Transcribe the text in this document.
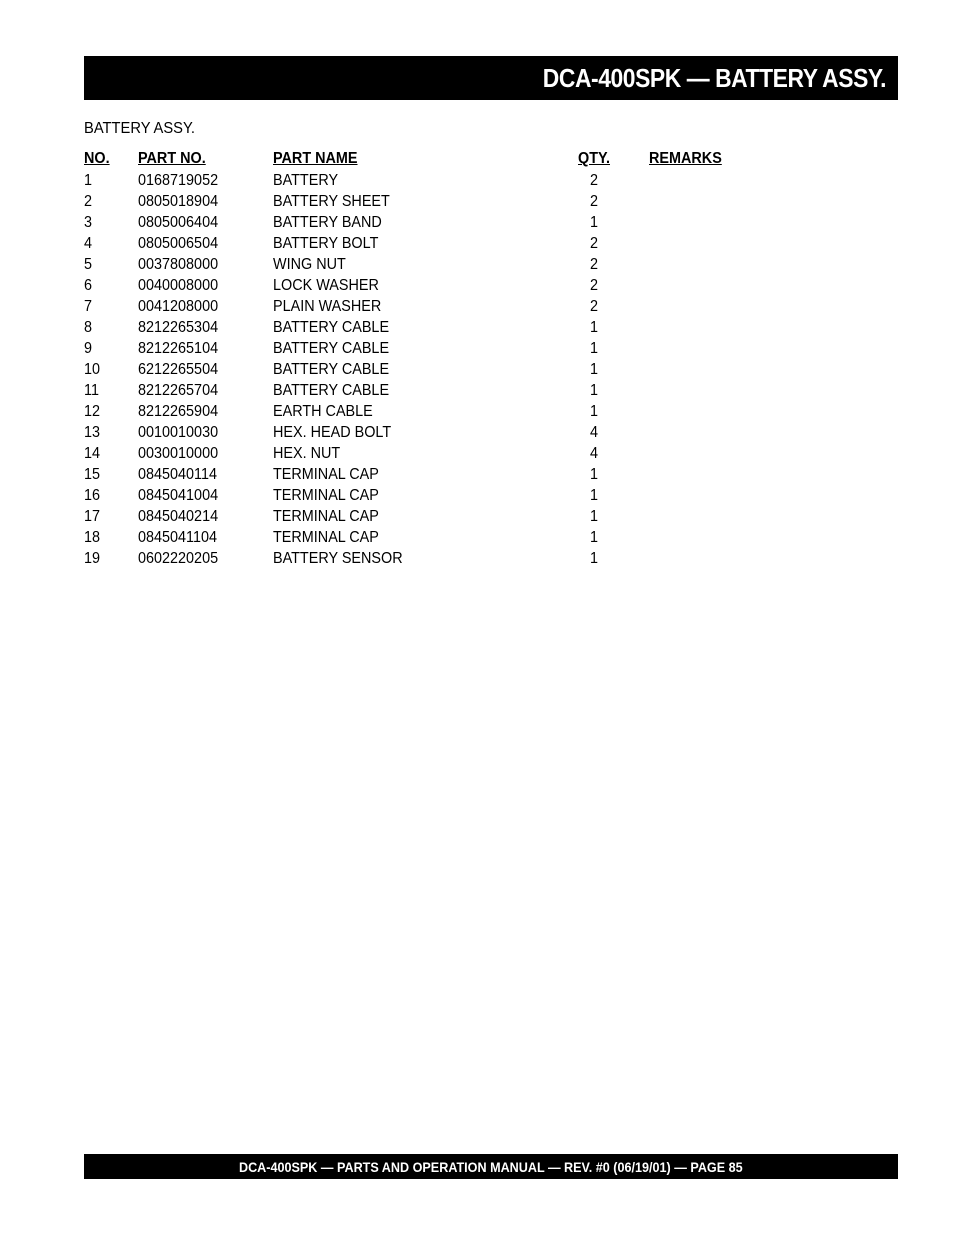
DCA-400SPK — BATTERY ASSY.
BATTERY ASSY.
NO. PART NO.	PART NAME	QTY. REMARKS
1	0168719052	BATTERY	2
2	0805018904	BATTERY SHEET	2
3	0805006404	BATTERY BAND	1
4	0805006504	BATTERY BOLT	2
5	0037808000	WING NUT	2
6	0040008000	LOCK WASHER	2
7	0041208000	PLAIN WASHER	2
8	8212265304	BATTERY CABLE	1
9	8212265104	BATTERY CABLE	1
10 6212265504	BATTERY CABLE	1
11 8212265704	BATTERY CABLE	1
12 8212265904	EARTH CABLE	1
13 0010010030	HEX. HEAD BOLT	4
14 0030010000	HEX. NUT	4
15 0845040114	TERMINAL CAP	1
16 0845041004	TERMINAL CAP	1
17 0845040214	TERMINAL CAP	1
18 0845041104	TERMINAL CAP	1
19 0602220205	BATTERY SENSOR	1
DCA-400SPK — PARTS AND OPERATION MANUAL — REV. #0 (06/19/01) — PAGE 85
